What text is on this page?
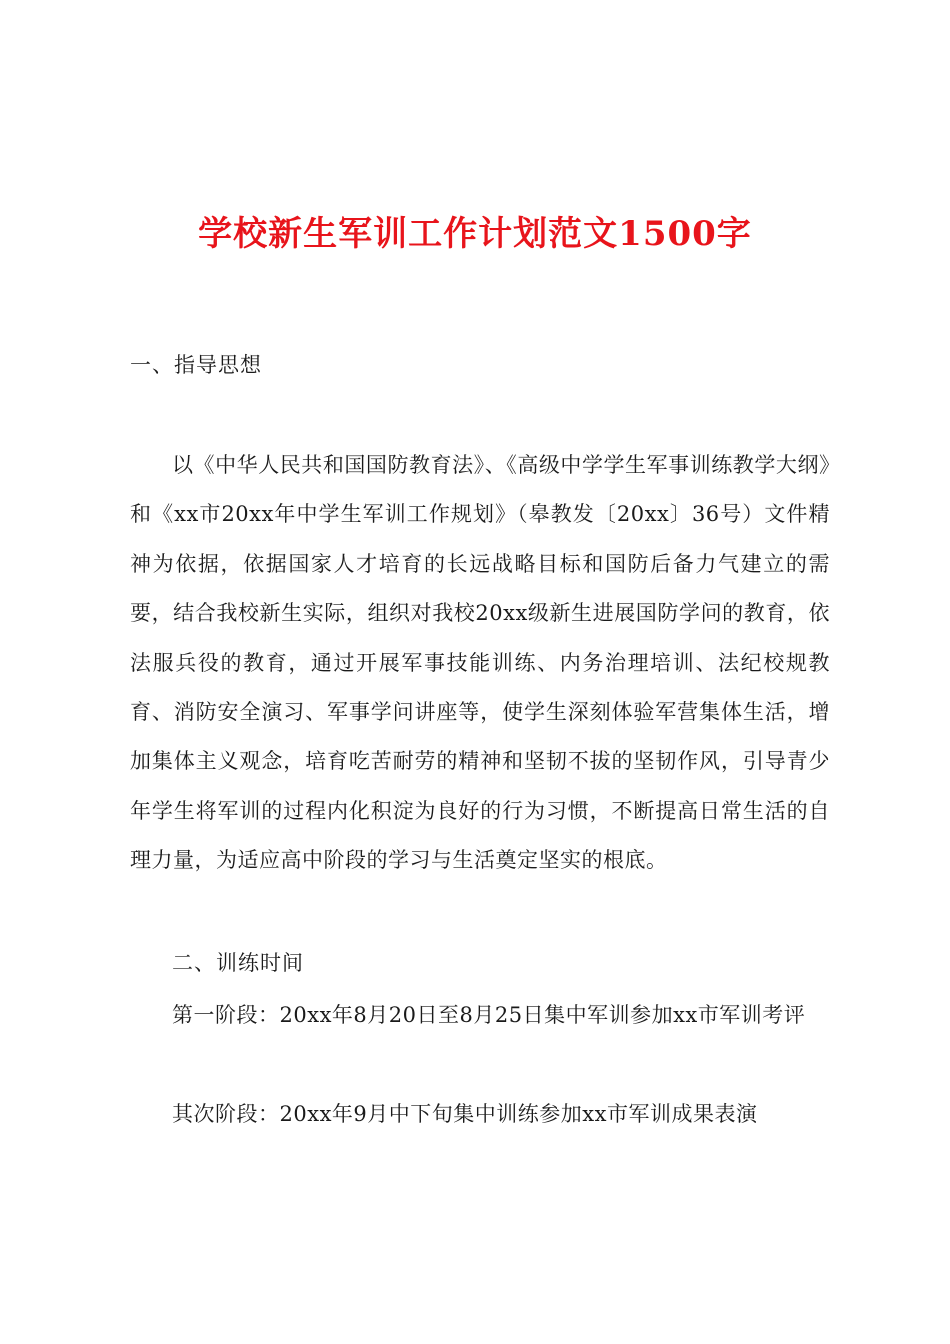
学校新生军训工作计划范文1500字

一、指导思想

以《中华人民共和国国防教育法》、《高级中学学生军事训练教学大纲》和《xx市20xx年中学生军训工作规划》（皋教发〔20xx〕36号）文件精神为依据，依据国家人才培育的长远战略目标和国防后备力气建立的需要，结合我校新生实际，组织对我校20xx级新生进展国防学问的教育，依法服兵役的教育，通过开展军事技能训练、内务治理培训、法纪校规教育、消防安全演习、军事学问讲座等，使学生深刻体验军营集体生活，增加集体主义观念，培育吃苦耐劳的精神和坚韧不拔的坚韧作风，引导青少年学生将军训的过程内化积淀为良好的行为习惯，不断提高日常生活的自理力量，为适应高中阶段的学习与生活奠定坚实的根底。

二、训练时间

第一阶段：20xx年8月20日至8月25日集中军训参加xx市军训考评

其次阶段：20xx年9月中下旬集中训练参加xx市军训成果表演
